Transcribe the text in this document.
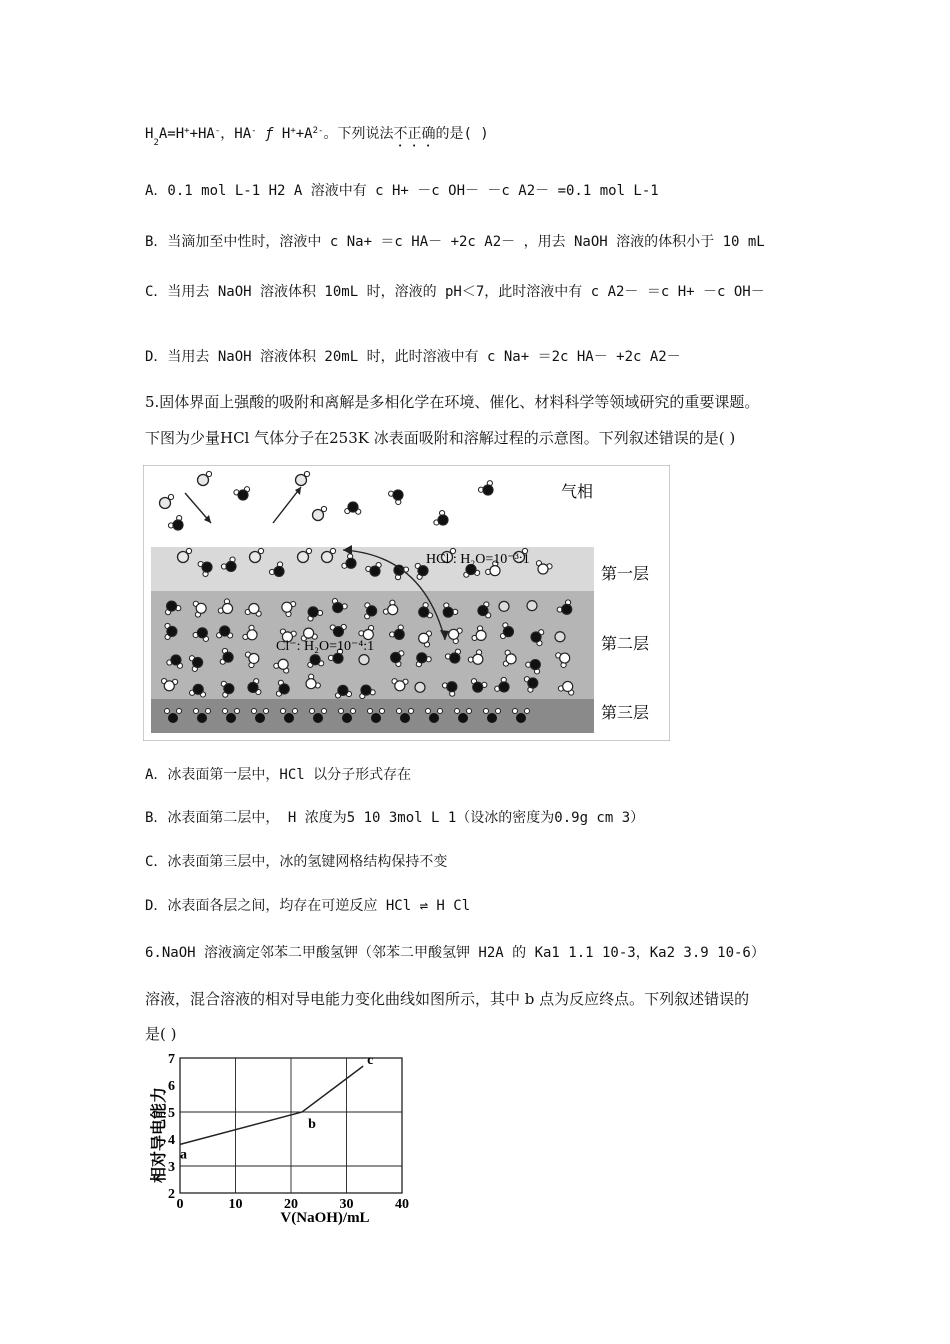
$H_2A=H^++HA^-$，HA- ƒ $H^++A^{2-}$。下列说法不正确的是( )
A．0.1 mol L-1 H2 A 溶液中有 c H+ －c OH－ －c A2－ =0.1 mol L-1
B．当滴加至中性时，溶液中 c Na+ ＝c HA－ +2c A2－ ，用去 NaOH 溶液的体积小于 10 mL
C．当用去 NaOH 溶液体积 10mL 时，溶液的 pH＜7，此时溶液中有 c A2－ ＝c H+ －c OH－
D．当用去 NaOH 溶液体积 20mL 时，此时溶液中有 c Na+ ＝2c HA－ +2c A2－
5.固体界面上强酸的吸附和离解是多相化学在环境、催化、材料科学等领域研究的重要课题。
下图为少量HCl 气体分子在253K 冰表面吸附和溶解过程的示意图。下列叙述错误的是( )
气相
HCl : H₂O=10⁻³:1
Cl⁻: H₂O=10⁻⁴:1
第一层
第二层
第三层
A．冰表面第一层中，HCl 以分子形式存在
B．冰表面第二层中， H 浓度为5 10 3mol L 1（设冰的密度为0.9g cm 3）
C．冰表面第三层中，冰的氢键网格结构保持不变
D．冰表面各层之间，均存在可逆反应 HCl ⇌ H Cl
6.NaOH 溶液滴定邻苯二甲酸氢钾（邻苯二甲酸氢钾 H2A 的 Ka1 1.1 10-3，Ka2 3.9 10-6）
溶液，混合溶液的相对导电能力变化曲线如图所示，其中 b 点为反应终点。下列叙述错误的
是( )
0	10	20	30	40
2
3
4
5
6
7
a
b
c
相对导电能力
V(NaOH)/mL
